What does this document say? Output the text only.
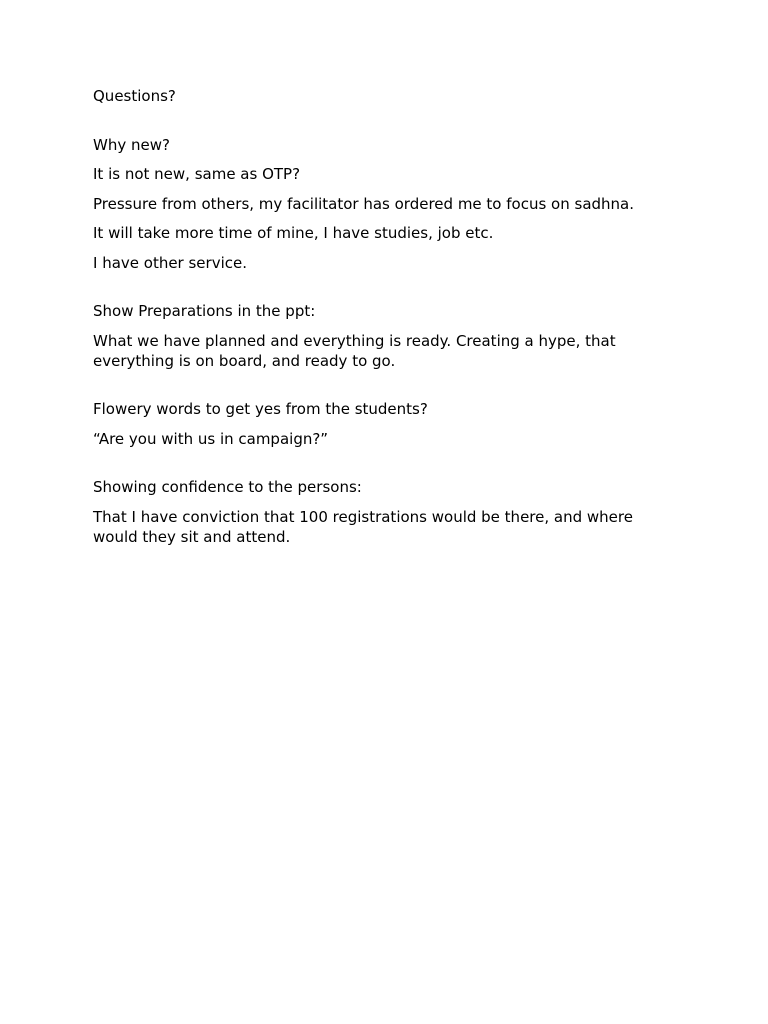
Questions?

Why new?

It is not new, same as OTP?

Pressure from others, my facilitator has ordered me to focus on sadhna.

It will take more time of mine, I have studies, job etc.

I have other service.

Show Preparations in the ppt:

What we have planned and everything is ready. Creating a hype, that everything is on board, and ready to go.

Flowery words to get yes from the students?

“Are you with us in campaign?”

Showing confidence to the persons:

That I have conviction that 100 registrations would be there, and where would they sit and attend.
